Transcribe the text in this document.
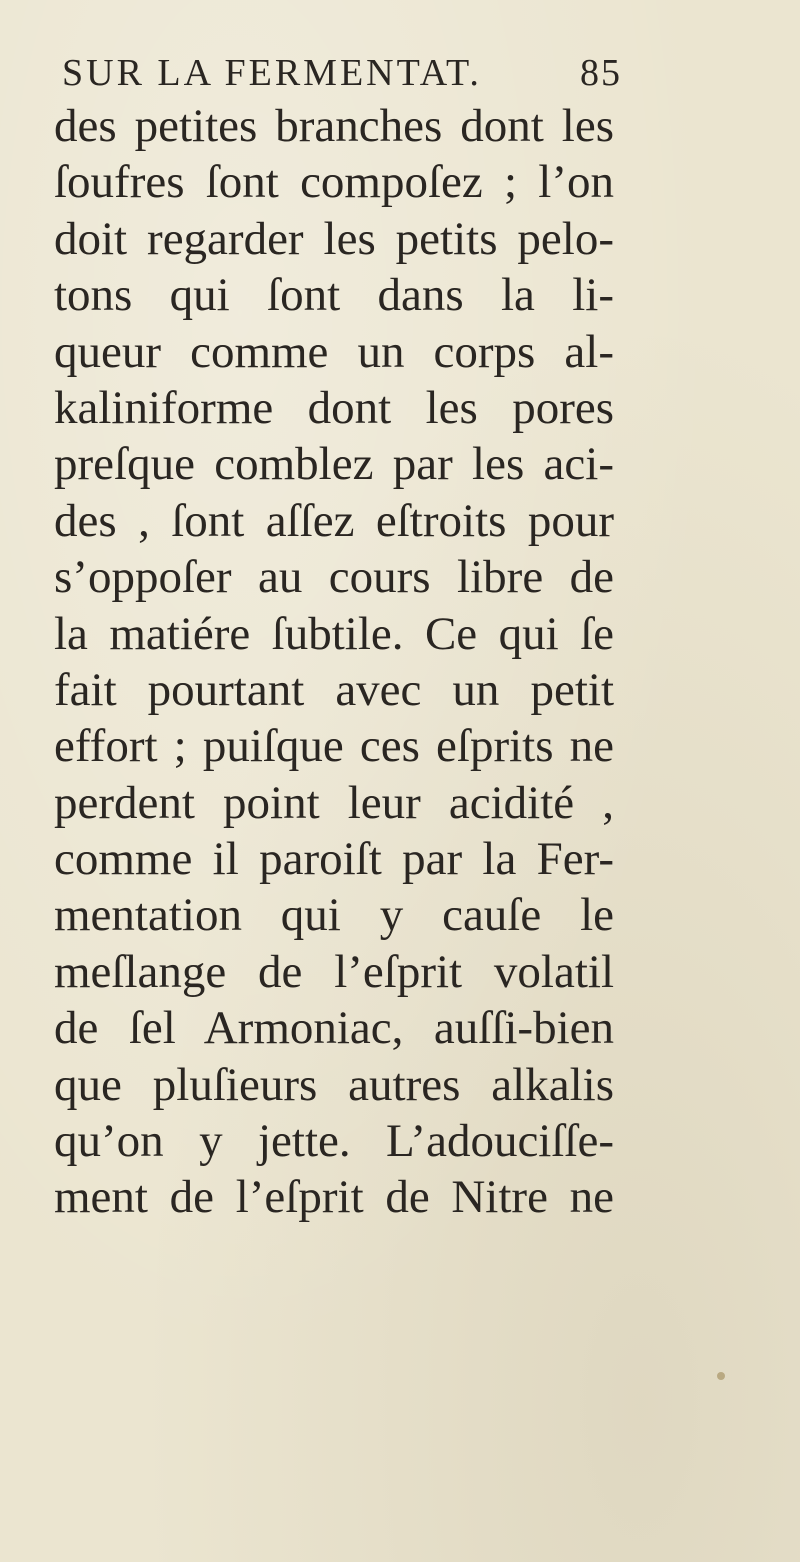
SUR LA FERMENTAT.	85
des petites branches dont les
ſoufres ſont compoſez ; l’on
doit regarder les petits pelo-
tons qui ſont dans la li-
queur comme un corps al-
kaliniforme dont les pores
preſque comblez par les aci-
des , ſont aſſez eſtroits pour
s’oppoſer au cours libre de
la matiére ſubtile. Ce qui ſe
fait pourtant avec un petit
effort ; puiſque ces eſprits ne
perdent point leur acidité ,
comme il paroiſt par la Fer-
mentation qui y cauſe le
meſlange de l’eſprit volatil
de ſel Armoniac, auſſi-bien
que pluſieurs autres alkalis
qu’on y jette. L’adouciſſe-
ment de l’eſprit de Nitre ne
